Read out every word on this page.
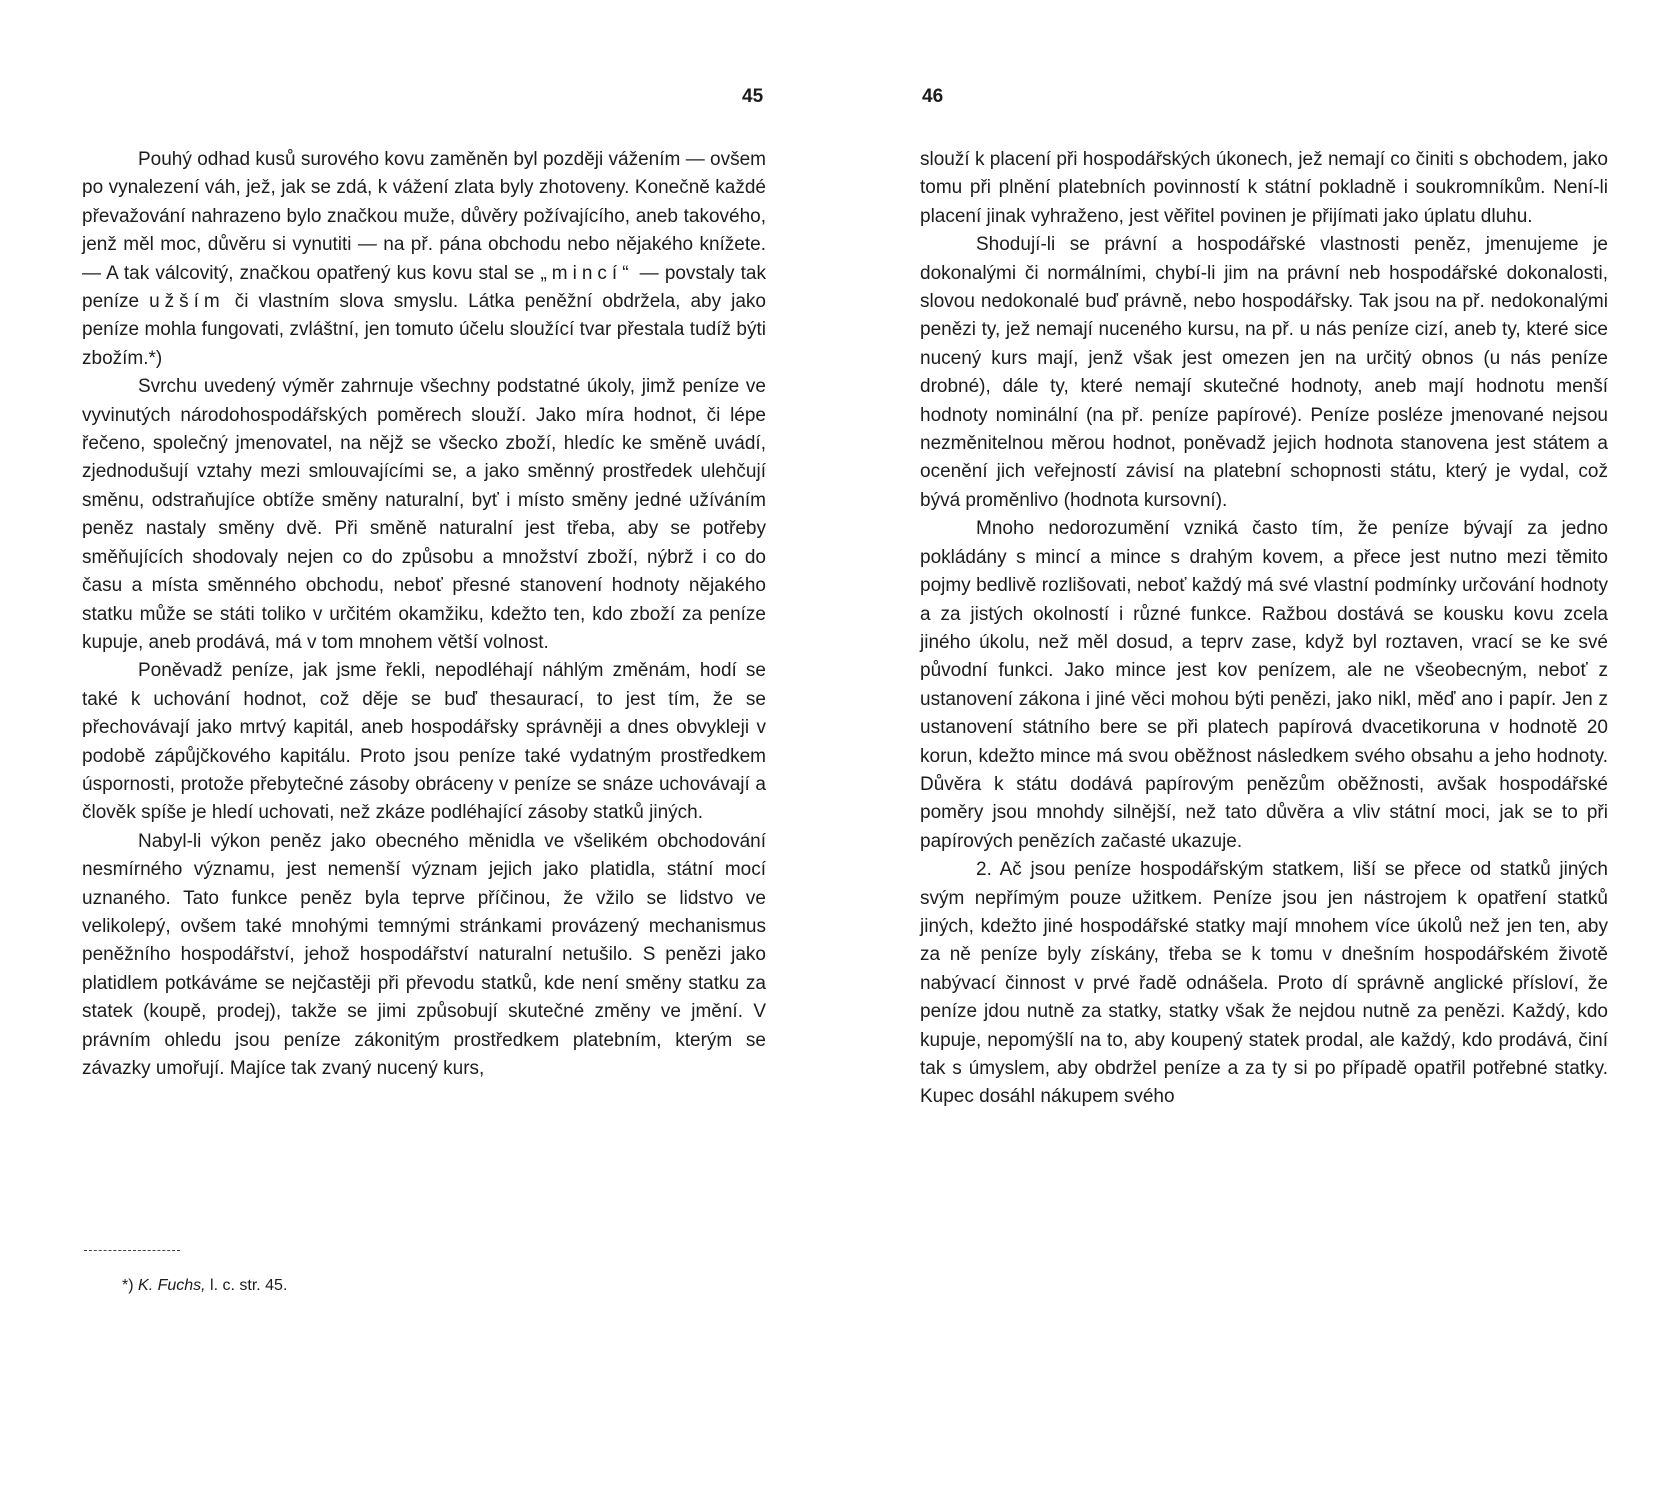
45

Pouhý odhad kusů surového kovu zaměněn byl později vážením — ovšem po vynalezení váh, jež, jak se zdá, k vážení zlata byly zhotoveny. Konečně každé převažování nahrazeno bylo značkou muže, důvěry požívajícího, aneb takového, jenž měl moc, důvěru si vynutiti — na př. pána obchodu nebo nějakého knížete. — A tak válcovitý, značkou opatřený kus kovu stal se „mincí“ — povstaly tak peníze užším či vlastním slova smyslu. Látka peněžní obdržela, aby jako peníze mohla fungovati, zvláštní, jen tomuto účelu sloužící tvar přestala tudíž býti zbožím.*)

Svrchu uvedený výměr zahrnuje všechny podstatné úkoly, jimž peníze ve vyvinutých národohospodářských poměrech slouží. Jako míra hodnot, či lépe řečeno, společný jmenovatel, na nějž se všecko zboží, hledíc ke směně uvádí, zjednodušují vztahy mezi smlouvajícími se, a jako směnný prostředek ulehčují směnu, odstraňujíce obtíže směny naturalní, byť i místo směny jedné užíváním peněz nastaly směny dvě. Při směně naturalní jest třeba, aby se potřeby směňujících shodovaly nejen co do způsobu a množství zboží, nýbrž i co do času a místa směnného obchodu, neboť přesné stanovení hodnoty nějakého statku může se státi toliko v určitém okamžiku, kdežto ten, kdo zboží za peníze kupuje, aneb prodává, má v tom mnohem větší volnost.

Poněvadž peníze, jak jsme řekli, nepodléhají náhlým změnám, hodí se také k uchování hodnot, což děje se buď thesaurací, to jest tím, že se přechovávají jako mrtvý kapitál, aneb hospodářsky správněji a dnes obvykleji v podobě zápůjčkového kapitálu. Proto jsou peníze také vydatným prostředkem úspornosti, protože přebytečné zásoby obráceny v peníze se snáze uchovávají a člověk spíše je hledí uchovati, než zkáze podléhající zásoby statků jiných.

Nabyl-li výkon peněz jako obecného měnidla ve všelikém obchodování nesmírného významu, jest nemenší význam jejich jako platidla, státní mocí uznaného. Tato funkce peněz byla teprve příčinou, že vžilo se lidstvo ve velikolepý, ovšem také mnohými temnými stránkami provázený mechanismus peněžního hospodářství, jehož hospodářství naturalní netušilo. S penězi jako platidlem potkáváme se nejčastěji při převodu statků, kde není směny statku za statek (koupě, prodej), takže se jimi způsobují skutečné změny ve jmění. V právním ohledu jsou peníze zákonitým prostředkem platebním, kterým se závazky umořují. Majíce tak zvaný nucený kurs,

*) K. Fuchs, l. c. str. 45.
46

slouží k placení při hospodářských úkonech, jež nemají co činiti s obchodem, jako tomu při plnění platebních povinností k státní pokladně i soukromníkům. Není-li placení jinak vyhraženo, jest věřitel povinen je přijímati jako úplatu dluhu.

Shodují-li se právní a hospodářské vlastnosti peněz, jmenujeme je dokonalými či normálními, chybí-li jim na právní neb hospodářské dokonalosti, slovou nedokonalé buď právně, nebo hospodářsky. Tak jsou na př. nedokonalými penězi ty, jež nemají nuceného kursu, na př. u nás peníze cizí, aneb ty, které sice nucený kurs mají, jenž však jest omezen jen na určitý obnos (u nás peníze drobné), dále ty, které nemají skutečné hodnoty, aneb mají hodnotu menší hodnoty nominální (na př. peníze papírové). Peníze posléze jmenované nejsou nezměnitelnou měrou hodnot, poněvadž jejich hodnota stanovena jest státem a ocenění jich veřejností závisí na platební schopnosti státu, který je vydal, což bývá proměnlivo (hodnota kursovní).

Mnoho nedorozumění vzniká často tím, že peníze bývají za jedno pokládány s mincí a mince s drahým kovem, a přece jest nutno mezi těmito pojmy bedlivě rozlišovati, neboť každý má své vlastní podmínky určování hodnoty a za jistých okolností i různé funkce. Ražbou dostává se kousku kovu zcela jiného úkolu, než měl dosud, a teprv zase, když byl roztaven, vrací se ke své původní funkci. Jako mince jest kov penízem, ale ne všeobecným, neboť z ustanovení zákona i jiné věci mohou býti penězi, jako nikl, měď ano i papír. Jen z ustanovení státního bere se při platech papírová dvacetikoruna v hodnotě 20 korun, kdežto mince má svou oběžnost následkem svého obsahu a jeho hodnoty. Důvěra k státu dodává papírovým penězům oběžnosti, avšak hospodářské poměry jsou mnohdy silnější, než tato důvěra a vliv státní moci, jak se to při papírových penězích začasté ukazuje.

2. Ač jsou peníze hospodářským statkem, liší se přece od statků jiných svým nepřímým pouze užitkem. Peníze jsou jen nástrojem k opatření statků jiných, kdežto jiné hospodářské statky mají mnohem více úkolů než jen ten, aby za ně peníze byly získány, třeba se k tomu v dnešním hospodářském životě nabývací činnost v prvé řadě odnášela. Proto dí správně anglické přísloví, že peníze jdou nutně za statky, statky však že nejdou nutně za penězi. Každý, kdo kupuje, nepomýšlí na to, aby koupený statek prodal, ale každý, kdo prodává, činí tak s úmyslem, aby obdržel peníze a za ty si po případě opatřil potřebné statky. Kupec dosáhl nákupem svého
